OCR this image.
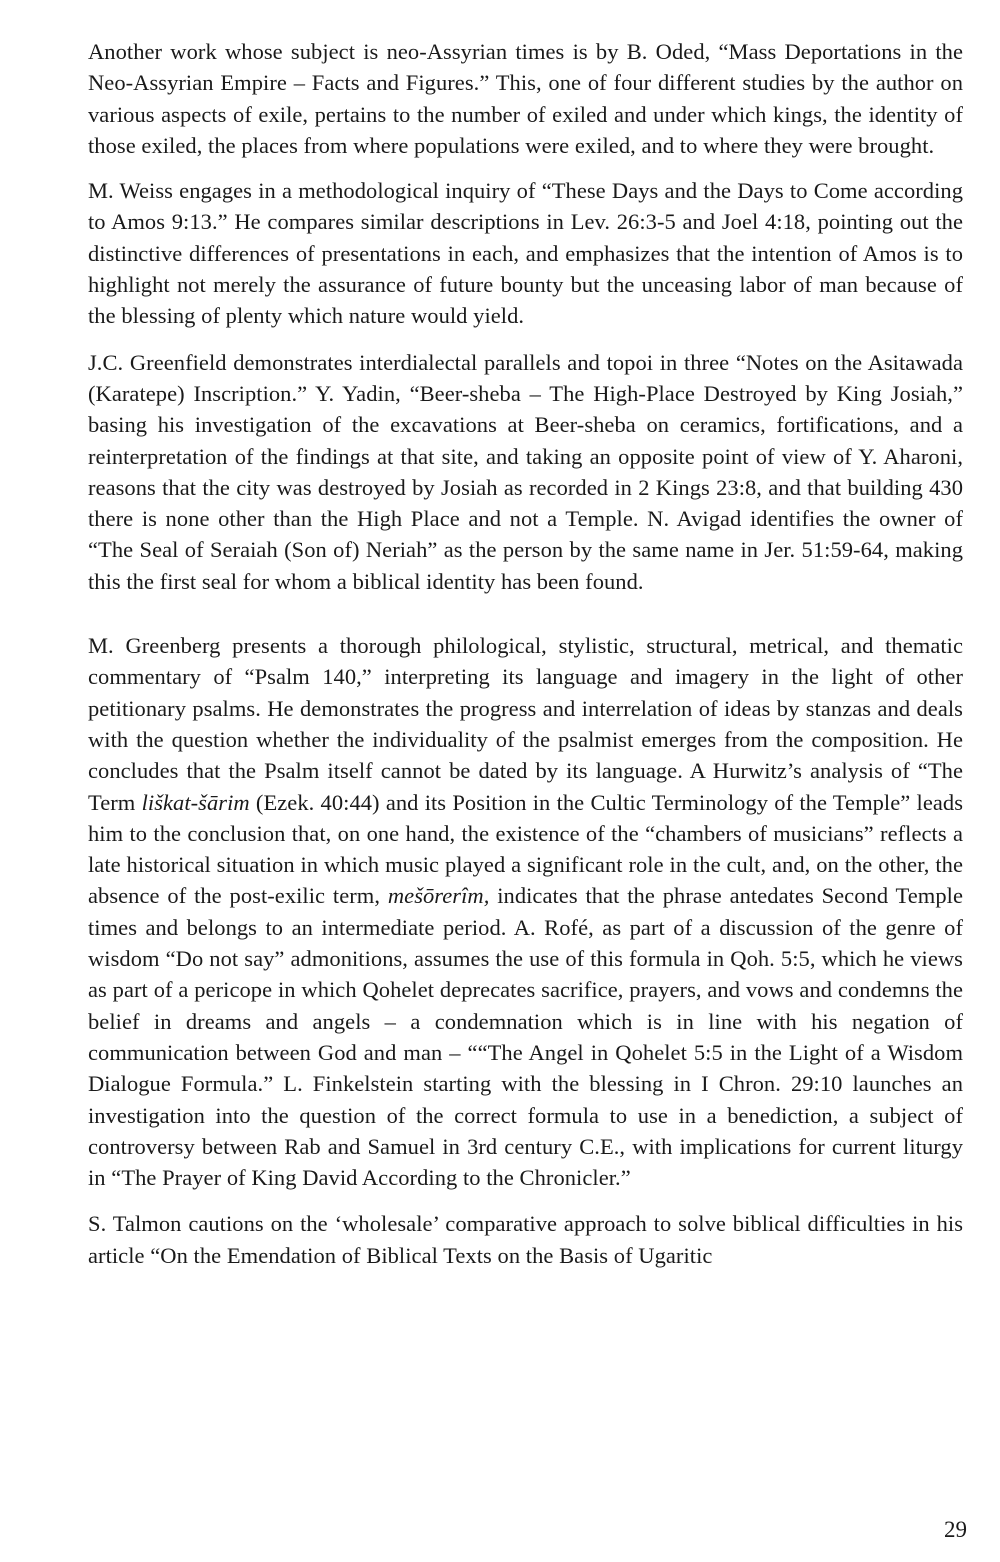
Another work whose subject is neo-Assyrian times is by B. Oded, “Mass Deportations in the Neo-Assyrian Empire – Facts and Figures.” This, one of four different studies by the author on various aspects of exile, pertains to the number of exiled and under which kings, the identity of those exiled, the places from where populations were exiled, and to where they were brought.

M. Weiss engages in a methodological inquiry of “These Days and the Days to Come according to Amos 9:13.” He compares similar descriptions in Lev. 26:3-5 and Joel 4:18, pointing out the distinctive differences of presentations in each, and emphasizes that the intention of Amos is to highlight not merely the assurance of future bounty but the unceasing labor of man because of the blessing of plenty which nature would yield.

J.C. Greenfield demonstrates interdialectal parallels and topoi in three “Notes on the Asitawada (Karatepe) Inscription.” Y. Yadin, “Beer-sheba – The High-Place Destroyed by King Josiah,” basing his investigation of the excavations at Beer-sheba on ceramics, fortifications, and a reinterpretation of the findings at that site, and taking an opposite point of view of Y. Aharoni, reasons that the city was destroyed by Josiah as recorded in 2 Kings 23:8, and that building 430 there is none other than the High Place and not a Temple. N. Avigad identifies the owner of “The Seal of Seraiah (Son of) Neriah” as the person by the same name in Jer. 51:59-64, making this the first seal for whom a biblical identity has been found.

M. Greenberg presents a thorough philological, stylistic, structural, metrical, and thematic commentary of “Psalm 140,” interpreting its language and imagery in the light of other petitionary psalms. He demonstrates the progress and interrelation of ideas by stanzas and deals with the question whether the individuality of the psalmist emerges from the composition. He concludes that the Psalm itself cannot be dated by its language. A Hurwitz’s analysis of “The Term liškat-šārim (Ezek. 40:44) and its Position in the Cultic Terminology of the Temple” leads him to the conclusion that, on one hand, the existence of the “chambers of musicians” reflects a late historical situation in which music played a significant role in the cult, and, on the other, the absence of the post-exilic term, mešōrerîm, indicates that the phrase antedates Second Temple times and belongs to an intermediate period. A. Rofé, as part of a discussion of the genre of wisdom “Do not say” admonitions, assumes the use of this formula in Qoh. 5:5, which he views as part of a pericope in which Qohelet deprecates sacrifice, prayers, and vows and condemns the belief in dreams and angels – a condemnation which is in line with his negation of communication between God and man – ““The Angel in Qohelet 5:5 in the Light of a Wisdom Dialogue Formula.” L. Finkelstein starting with the blessing in I Chron. 29:10 launches an investigation into the question of the correct formula to use in a benediction, a subject of controversy between Rab and Samuel in 3rd century C.E., with implications for current liturgy in “The Prayer of King David According to the Chronicler.”

S. Talmon cautions on the ‘wholesale’ comparative approach to solve biblical difficulties in his article “On the Emendation of Biblical Texts on the Basis of Ugaritic

29
